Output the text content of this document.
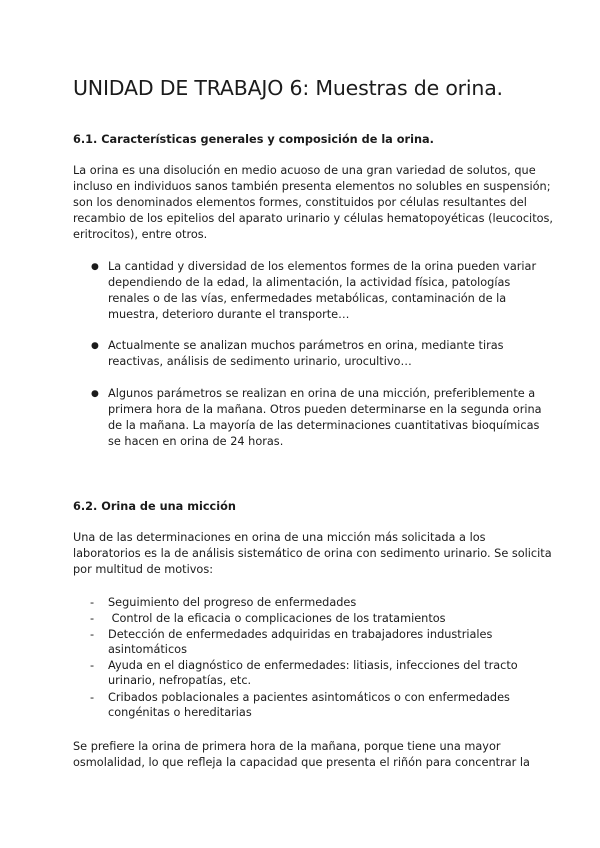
UNIDAD DE TRABAJO 6: Muestras de orina.
6.1. Características generales y composición de la orina.

La orina es una disolución en medio acuoso de una gran variedad de solutos, que
incluso en individuos sanos también presenta elementos no solubles en suspensión;
son los denominados elementos formes, constituidos por células resultantes del
recambio de los epitelios del aparato urinario y células hematopoyéticas (leucocitos,
eritrocitos), entre otros.

● La cantidad y diversidad de los elementos formes de la orina pueden variar
dependiendo de la edad, la alimentación, la actividad física, patologías
renales o de las vías, enfermedades metabólicas, contaminación de la
muestra, deterioro durante el transporte…
● Actualmente se analizan muchos parámetros en orina, mediante tiras
reactivas, análisis de sedimento urinario, urocultivo…
● Algunos parámetros se realizan en orina de una micción, preferiblemente a
primera hora de la mañana. Otros pueden determinarse en la segunda orina
de la mañana. La mayoría de las determinaciones cuantitativas bioquímicas
se hacen en orina de 24 horas.
6.2. Orina de una micción

Una de las determinaciones en orina de una micción más solicitada a los
laboratorios es la de análisis sistemático de orina con sedimento urinario. Se solicita
por multitud de motivos:

- Seguimiento del progreso de enfermedades
- Control de la eficacia o complicaciones de los tratamientos
- Detección de enfermedades adquiridas en trabajadores industriales
asintomáticos
- Ayuda en el diagnóstico de enfermedades: litiasis, infecciones del tracto
urinario, nefropatías, etc.
- Cribados poblacionales a pacientes asintomáticos o con enfermedades
congénitas o hereditarias

Se prefiere la orina de primera hora de la mañana, porque tiene una mayor
osmolalidad, lo que refleja la capacidad que presenta el riñón para concentrar la
